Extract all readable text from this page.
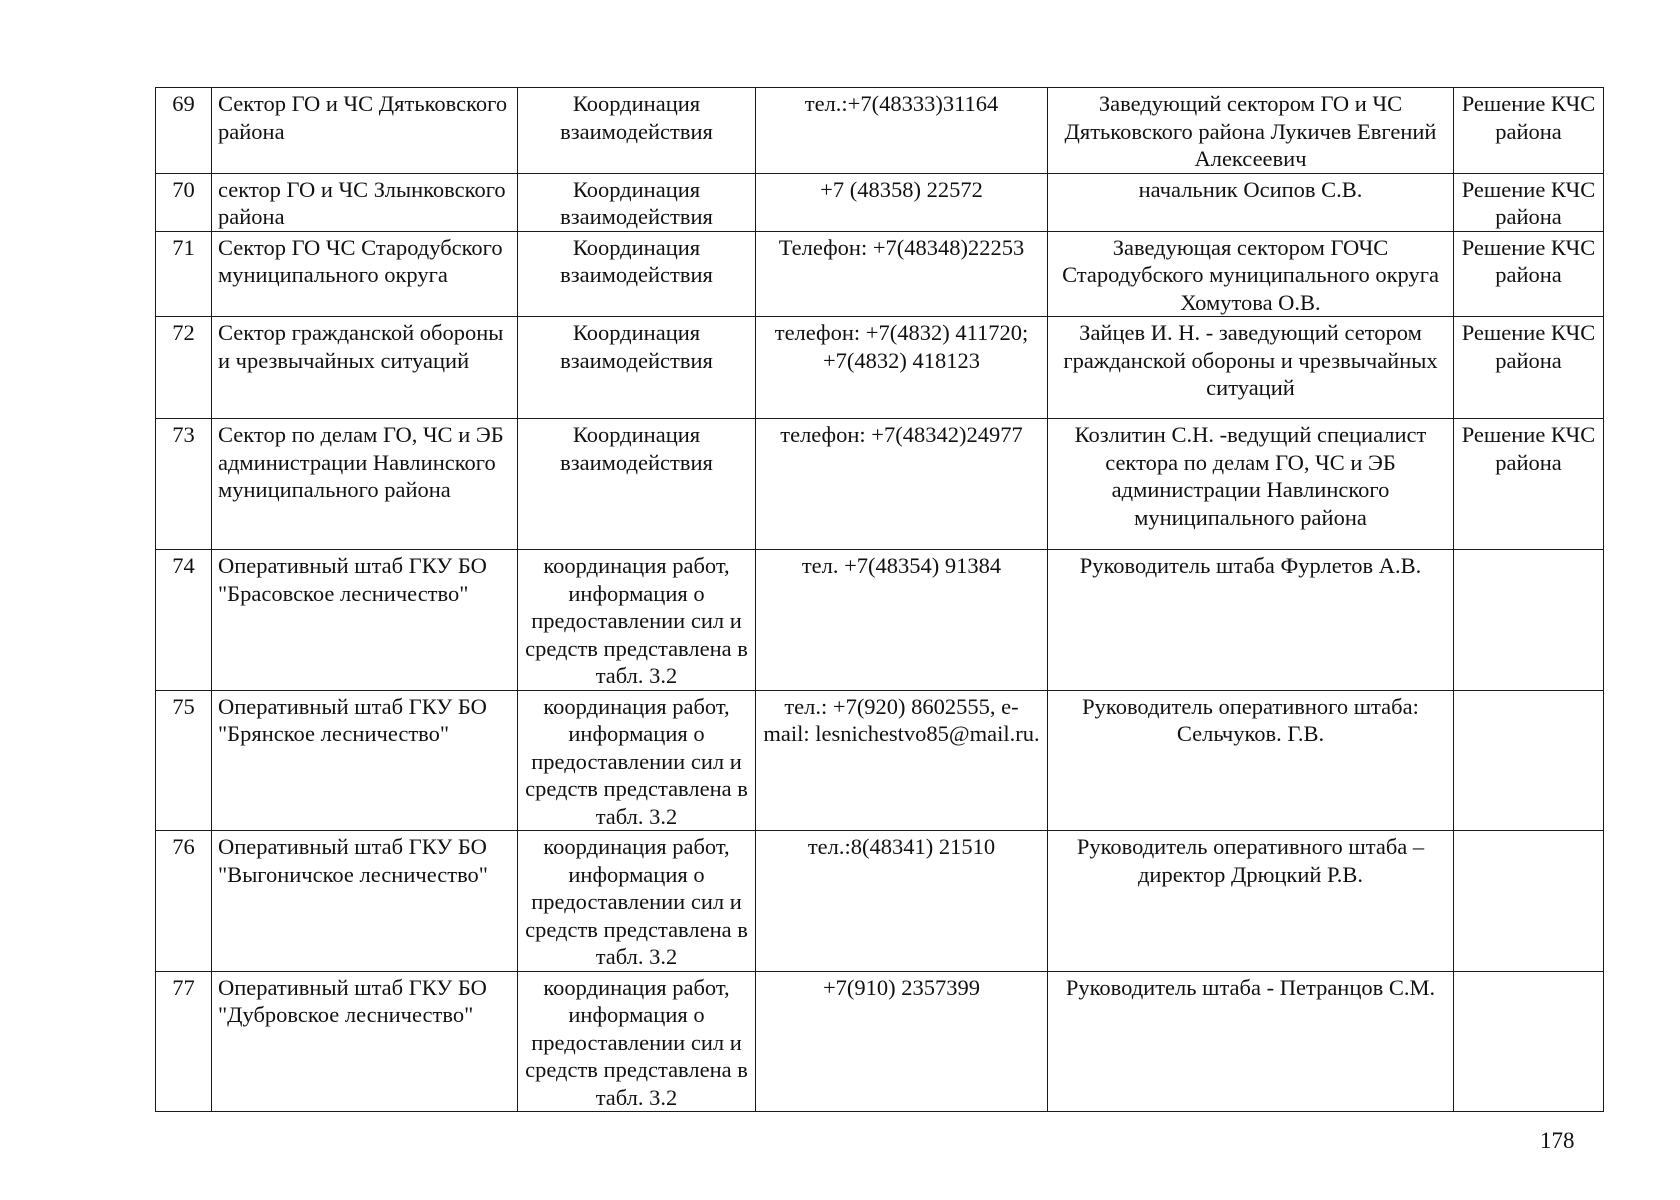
69	Сектор ГО и ЧС Дятьковского района	Координация взаимодействия	тел.:+7(48333)31164	Заведующий сектором ГО и ЧС Дятьковского района Лукичев Евгений Алексеевич	Решение КЧС района
70	сектор ГО и ЧС Злынковского района	Координация взаимодействия	+7 (48358) 22572	начальник Осипов С.В.	Решение КЧС района
71	Сектор ГО ЧС Стародубского муниципального округа	Координация взаимодействия	Телефон: +7(48348)22253	Заведующая сектором ГОЧС Стародубского муниципального округа Хомутова О.В.	Решение КЧС района
72	Сектор гражданской обороны и чрезвычайных ситуаций	Координация взаимодействия	телефон: +7(4832) 411720; +7(4832) 418123	Зайцев И. Н. - заведующий сетором гражданской обороны и чрезвычайных ситуаций	Решение КЧС района
73	Сектор по делам ГО, ЧС и ЭБ администрации Навлинского муниципального района	Координация взаимодействия	телефон: +7(48342)24977	Козлитин С.Н. -ведущий специалист сектора по делам ГО, ЧС и ЭБ администрации Навлинского муниципального района	Решение КЧС района
74	Оперативный штаб ГКУ БО "Брасовское лесничество"	координация работ, информация о предоставлении сил и средств представлена в табл. 3.2	тел. +7(48354) 91384	Руководитель штаба Фурлетов А.В.	
75	Оперативный штаб ГКУ БО "Брянское лесничество"	координация работ, информация о предоставлении сил и средств представлена в табл. 3.2	тел.: +7(920) 8602555, e-mail: lesnichestvo85@mail.ru.	Руководитель оперативного штаба: Сельчуков. Г.В.	
76	Оперативный штаб ГКУ БО "Выгоничское лесничество"	координация работ, информация о предоставлении сил и средств представлена в табл. 3.2	тел.:8(48341) 21510	Руководитель оперативного штаба – директор Дрюцкий Р.В.	
77	Оперативный штаб ГКУ БО "Дубровское лесничество"	координация работ, информация о предоставлении сил и средств представлена в табл. 3.2	+7(910) 2357399	Руководитель штаба - Петранцов С.М.	
178
